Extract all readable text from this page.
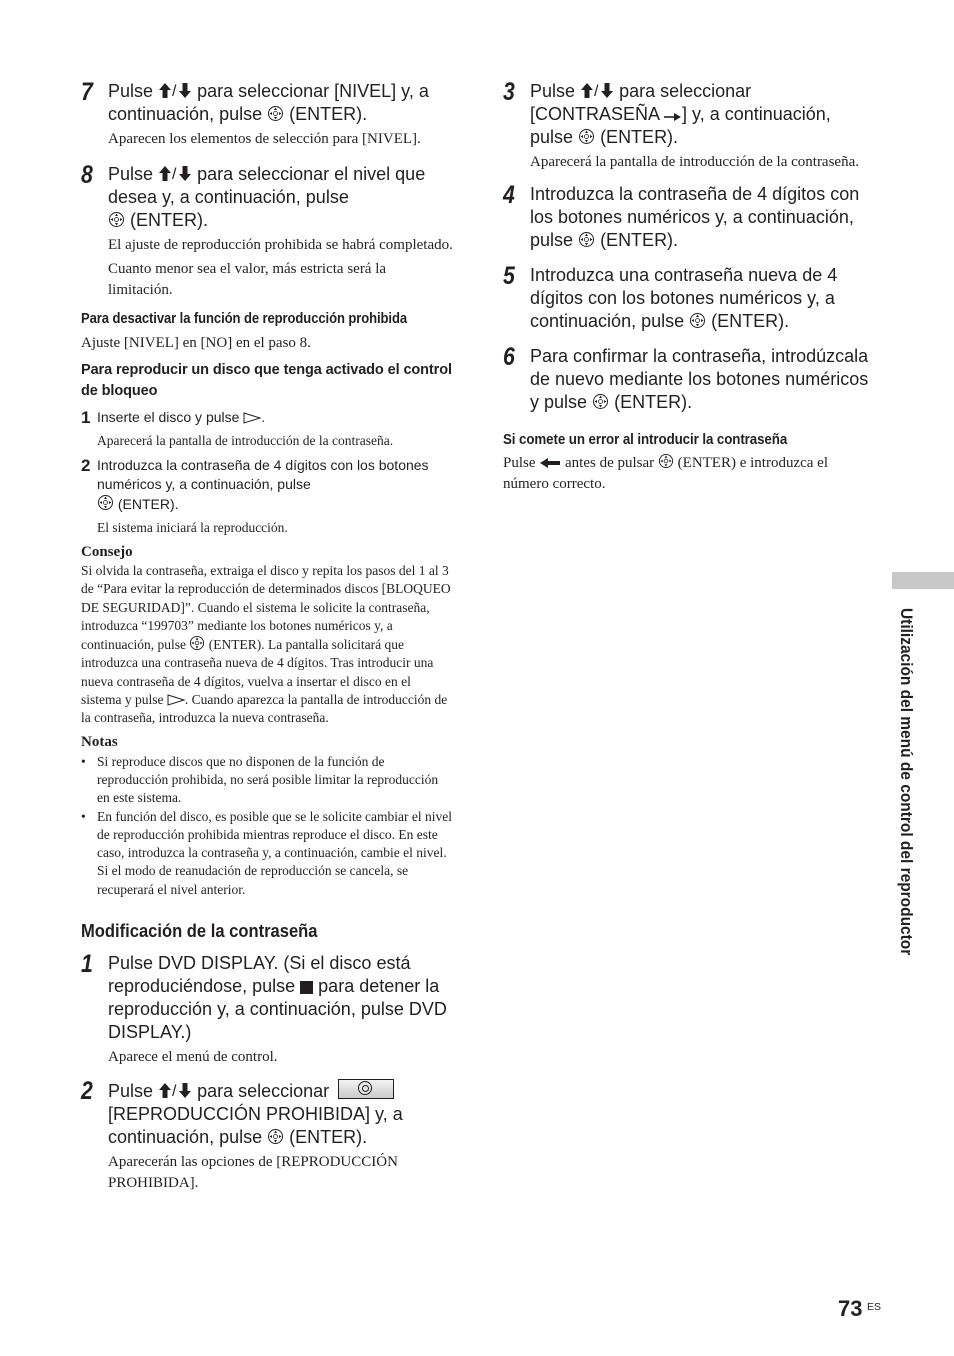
7 Pulse / para seleccionar [NIVEL] y, a
continuación, pulse (ENTER).
Aparecen los elementos de selección para [NIVEL].
8 Pulse / para seleccionar el nivel que
desea y, a continuación, pulse

(ENTER).
El ajuste de reproducción prohibida se habrá completado.
Cuanto menor sea el valor, más estricta será la limitación.
Para desactivar la función de reproducción prohibida
Ajuste [NIVEL] en [NO] en el paso 8.
Para reproducir un disco que tenga activado el control de bloqueo
1 Inserte el disco y pulse .
Aparecerá la pantalla de introducción de la contraseña.
2 Introduzca la contraseña de 4 dígitos con los botones numéricos y, a continuación, pulse

(ENTER).
El sistema iniciará la reproducción.
Consejo
Si olvida la contraseña, extraiga el disco y repita los pasos del 1 al 3 de “Para evitar la reproducción de determinados discos [BLOQUEO DE SEGURIDAD]”. Cuando el sistema le solicite la contraseña, introduzca “199703” mediante los botones numéricos y, a continuación, pulse (ENTER). La pantalla solicitará que introduzca una contraseña nueva de 4 dígitos. Tras introducir una nueva contraseña de 4 dígitos, vuelva a insertar el disco en el sistema y pulse . Cuando aparezca la pantalla de introducción de la contraseña, introduzca la nueva contraseña.
Notas
• Si reproduce discos que no disponen de la función de reproducción prohibida, no será posible limitar la reproducción en este sistema.
• En función del disco, es posible que se le solicite cambiar el nivel de reproducción prohibida mientras reproduce el disco. En este caso, introduzca la contraseña y, a continuación, cambie el nivel. Si el modo de reanudación de reproducción se cancela, se recuperará el nivel anterior.
Modificación de la contraseña
1 Pulse DVD DISPLAY. (Si el disco está reproduciéndose, pulse para detener la reproducción y, a continuación, pulse DVD DISPLAY.)
Aparece el menú de control.
2 Pulse / para seleccionar

[REPRODUCCIÓN PROHIBIDA] y, a
continuación, pulse (ENTER).
Aparecerán las opciones de [REPRODUCCIÓN PROHIBIDA].
3 Pulse / para seleccionar
[CONTRASEÑA ] y, a continuación,
pulse (ENTER).
Aparecerá la pantalla de introducción de la contraseña.
4 Introduzca la contraseña de 4 dígitos con los botones numéricos y, a continuación, pulse (ENTER).
5 Introduzca una contraseña nueva de 4 dígitos con los botones numéricos y, a continuación, pulse (ENTER).
6 Para confirmar la contraseña, introdúzcala de nuevo mediante los botones numéricos y pulse (ENTER).
Si comete un error al introducir la contraseña
Pulse antes de pulsar (ENTER) e introduzca el número correcto.
Utilización del menú de control del reproductor
73 ES
